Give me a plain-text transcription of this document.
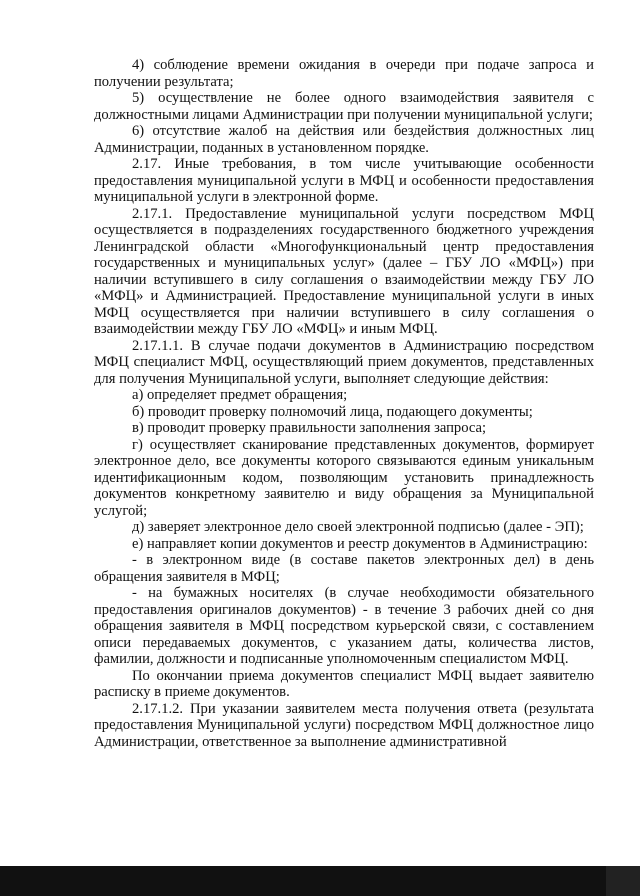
4) соблюдение времени ожидания в очереди при подаче запроса и получении результата;

5) осуществление не более одного взаимодействия заявителя с должностными лицами Администрации при получении муниципальной услуги;

6) отсутствие жалоб на действия или бездействия должностных лиц Администрации, поданных в установленном порядке.

2.17. Иные требования, в том числе учитывающие особенности предоставления муниципальной услуги в МФЦ и особенности предоставления муниципальной услуги в электронной форме.

2.17.1. Предоставление муниципальной услуги посредством МФЦ осуществляется в подразделениях государственного бюджетного учреждения Ленинградской области «Многофункциональный центр предоставления государственных и муниципальных услуг» (далее – ГБУ ЛО «МФЦ») при наличии вступившего в силу соглашения о взаимодействии между ГБУ ЛО «МФЦ» и Администрацией. Предоставление муниципальной услуги в иных МФЦ осуществляется при наличии вступившего в силу соглашения о взаимодействии между ГБУ ЛО «МФЦ» и иным МФЦ.

2.17.1.1. В случае подачи документов в Администрацию посредством МФЦ специалист МФЦ, осуществляющий прием документов, представленных для получения Муниципальной услуги, выполняет следующие действия:

а) определяет предмет обращения;

б) проводит проверку полномочий лица, подающего документы;

в) проводит проверку правильности заполнения запроса;

г) осуществляет сканирование представленных документов, формирует электронное дело, все документы которого связываются единым уникальным идентификационным кодом, позволяющим установить принадлежность документов конкретному заявителю и виду обращения за Муниципальной услугой;

д) заверяет электронное дело своей электронной подписью (далее - ЭП);

е) направляет копии документов и реестр документов в Администрацию:

- в электронном виде (в составе пакетов электронных дел) в день обращения заявителя в МФЦ;

- на бумажных носителях (в случае необходимости обязательного предоставления оригиналов документов) - в течение 3 рабочих дней со дня обращения заявителя в МФЦ посредством курьерской связи, с составлением описи передаваемых документов, с указанием даты, количества листов, фамилии, должности и подписанные уполномоченным специалистом МФЦ.

По окончании приема документов специалист МФЦ выдает заявителю расписку в приеме документов.

2.17.1.2. При указании заявителем места получения ответа (результата предоставления Муниципальной услуги) посредством МФЦ должностное лицо Администрации, ответственное за выполнение административной
